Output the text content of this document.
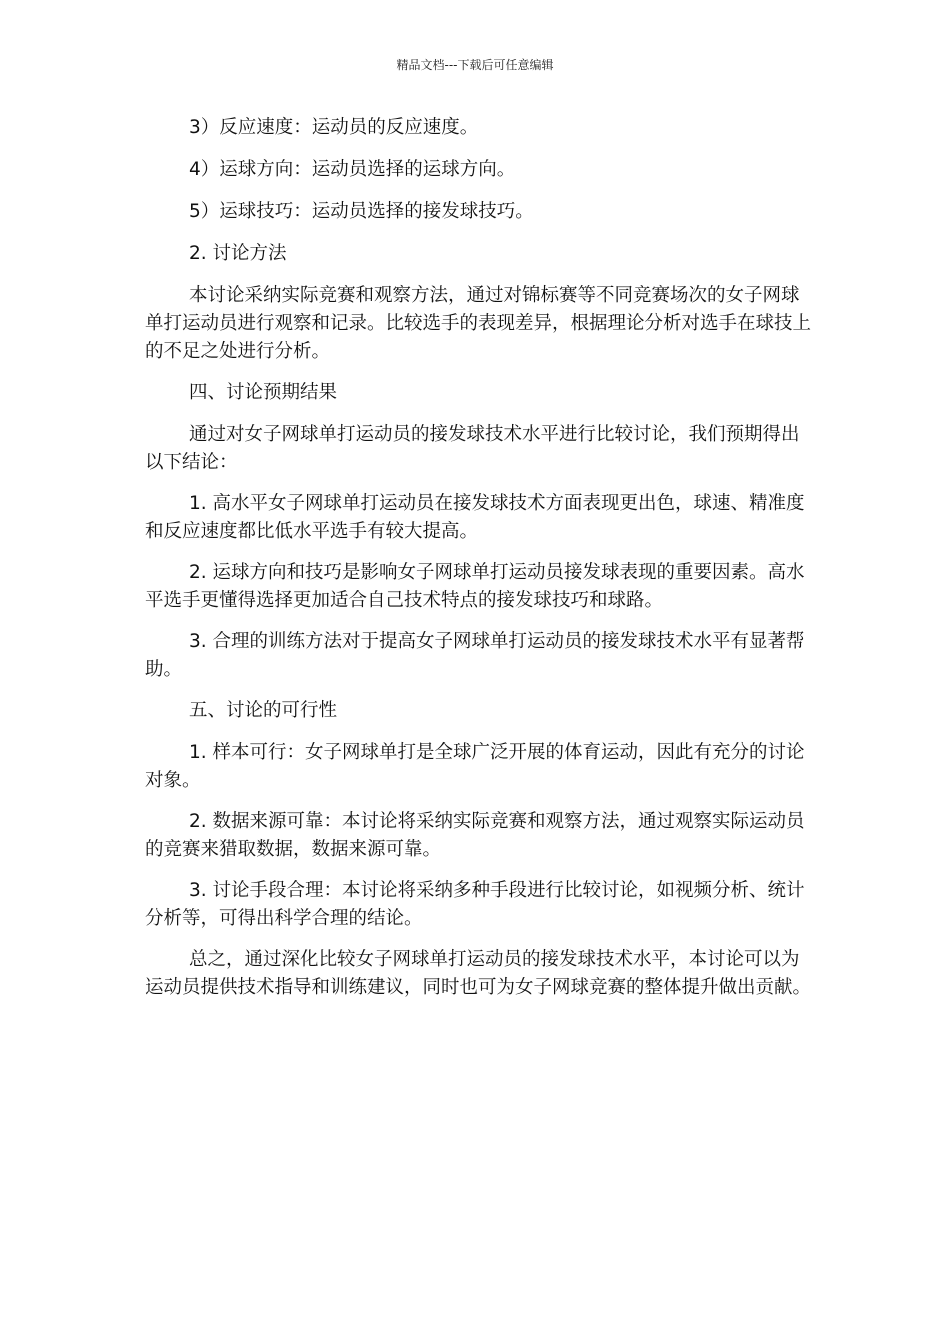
精品文档---下载后可任意编辑

3）反应速度：运动员的反应速度。

4）运球方向：运动员选择的运球方向。

5）运球技巧：运动员选择的接发球技巧。

2. 讨论方法

本讨论采纳实际竞赛和观察方法，通过对锦标赛等不同竞赛场次的女子网球单打运动员进行观察和记录。比较选手的表现差异，根据理论分析对选手在球技上的不足之处进行分析。

四、讨论预期结果

通过对女子网球单打运动员的接发球技术水平进行比较讨论，我们预期得出以下结论：

1. 高水平女子网球单打运动员在接发球技术方面表现更出色，球速、精准度和反应速度都比低水平选手有较大提高。

2. 运球方向和技巧是影响女子网球单打运动员接发球表现的重要因素。高水平选手更懂得选择更加适合自己技术特点的接发球技巧和球路。

3. 合理的训练方法对于提高女子网球单打运动员的接发球技术水平有显著帮助。

五、讨论的可行性

1. 样本可行：女子网球单打是全球广泛开展的体育运动，因此有充分的讨论对象。

2. 数据来源可靠：本讨论将采纳实际竞赛和观察方法，通过观察实际运动员的竞赛来猎取数据，数据来源可靠。

3. 讨论手段合理：本讨论将采纳多种手段进行比较讨论，如视频分析、统计分析等，可得出科学合理的结论。

总之，通过深化比较女子网球单打运动员的接发球技术水平，本讨论可以为运动员提供技术指导和训练建议，同时也可为女子网球竞赛的整体提升做出贡献。
